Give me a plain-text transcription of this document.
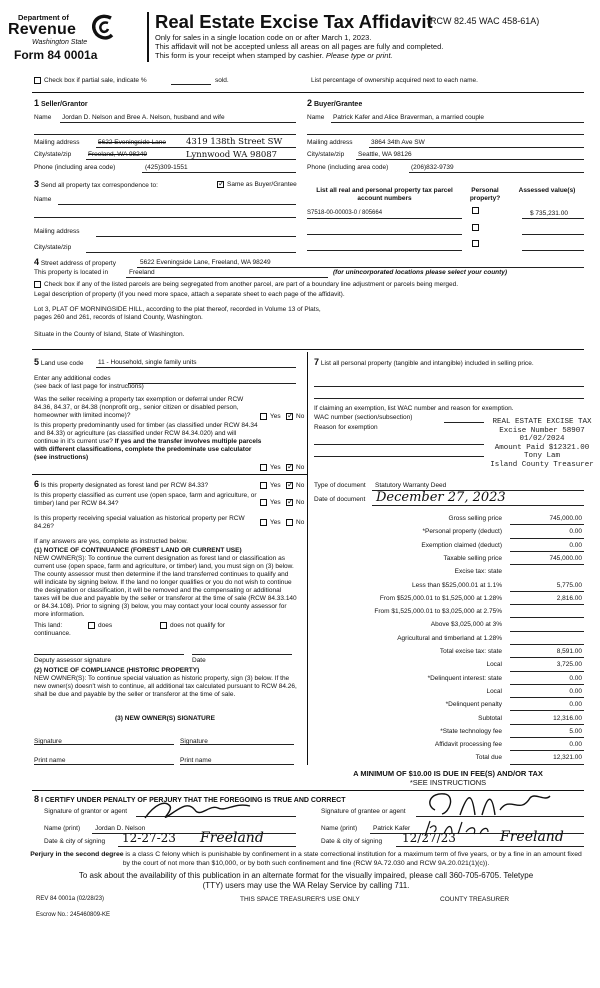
Department of
Revenue
Washington State
Form 84 0001a
Real Estate Excise Tax Affidavit
(RCW 82.45 WAC 458-61A)
Only for sales in a single location code on or after March 1, 2023.
This affidavit will not be accepted unless all areas on all pages are fully and completed.
This form is your receipt when stamped by cashier. Please type or print.
Check box if partial sale, indicate %	sold.	List percentage of ownership acquired next to each name.
1 Seller/Grantor
Name Jordan D. Nelson and Bree A. Nelson, husband and wife
Mailing address	5622 Eveningside Lane 4319 138th Street SW
City/state/zip	Freeland, WA 98249	Lynnwood WA 98087
Phone (including area code)	(425)309-1551
2 Buyer/Grantee
Name Patrick Kafer and Alice Braverman, a married couple
Mailing address	3864 34th Ave SW
City/state/zip Seattle, WA 98126
Phone (including area code)	(206)832-9739
3 Send all property tax correspondence to: ✓	Same as Buyer/Grantee
Name
Mailing address
City/state/zip
List all real and personal property tax parcel account numbers
Personal property?
Assessed value(s)
S7518-00-00003-0 / 805664	$ 735,231.00
4 Street address of property	5622 Eveningside Lane, Freeland, WA 98249
This property is located in	Freeland	(for unincorporated locations please select your county)
Check box if any of the listed parcels are being segregated from another parcel, are part of a boundary line adjustment or parcels being merged.
Legal description of property (if you need more space, attach a separate sheet to each page of the affidavit).
Lot 3, PLAT OF MORNINGSIDE HILL, according to the plat thereof, recorded in Volume 13 of Plats,
pages 260 and 261, records of Island County, Washington.
Situate in the County of Island, State of Washington.
5 Land use code 11 - Household, single family units
Enter any additional codes
(see back of last page for instructions)
Was the seller receiving a property tax exemption or deferral under RCW 84.36, 84.37, or 84.38 (nonprofit org., senior citizen or disabled person, homeowner with limited income)?	Yes ✓ No
Is this property predominantly used for timber (as classified under RCW 84.34 and 84.33) or agriculture (as classified under RCW 84.34.020) and will continue in it's current use? If yes and the transfer involves multiple parcels with different classifications, complete the predominate use calculator (see instructions)
Yes ✓ No
6 Is this property designated as forest land per RCW 84.33?	Yes ✓ No
Is this property classified as current use (open space, farm and agriculture, or timber) land per RCW 84.34?	Yes ✓ No
Is this property receiving special valuation as historical property per RCW 84.26?
Yes No
If any answers are yes, complete as instructed below.
(1) NOTICE OF CONTINUANCE (FOREST LAND OR CURRENT USE)
NEW OWNER(S): To continue the current designation as forest land or classification as current use (open space, farm and agriculture, or timber) land, you must sign on (3) below. The county assessor must then determine if the land transferred continues to qualify and will indicate by signing below. If the land no longer qualifies or you do not wish to continue the designation or classification, it will be removed and the compensating or additional taxes will be due and payable by the seller or transferor at the time of sale (RCW 84.33.140 or 84.34.108). Prior to signing (3) below, you may contact your local county assessor for more information.
This land:	does	does not qualify for
continuance.
Deputy assessor signature	Date
(2) NOTICE OF COMPLIANCE (HISTORIC PROPERTY)
NEW OWNER(S): To continue special valuation as historic property, sign (3) below. If the new owner(s) doesn't wish to continue, all additional tax calculated pursuant to RCW 84.26, shall be due and payable by the seller or transferor at the time of sale.
(3) NEW OWNER(S) SIGNATURE
Signature	Signature
Print name	Print name
7 List all personal property (tangible and intangible) included in selling price.
If claiming an exemption, list WAC number and reason for exemption.
WAC number (section/subsection)
Reason for exemption
REAL ESTATE EXCISE TAX
Excise Number 58907
01/02/2024
Amount Paid $12321.00
Tony Lam
Island County Treasurer
Type of document Statutory Warranty Deed
Date of document December 27, 2023
Gross selling price	745,000.00
*Personal property (deduct)	0.00
Exemption claimed (deduct)	0.00
Taxable selling price	745,000.00
Excise tax: state
Less than $525,000.01 at 1.1%	5,775.00
From $525,000.01 to $1,525,000 at 1.28%	2,816.00
From $1,525,000.01 to $3,025,000 at 2.75%
Above $3,025,000 at 3%
Agricultural and timberland at 1.28%
Total excise tax: state	8,591.00
Local	3,725.00
*Delinquent interest: state	0.00
Local	0.00
*Delinquent penalty	0.00
Subtotal	12,316.00
*State technology fee	5.00
Affidavit processing fee	0.00
Total due	12,321.00
A MINIMUM OF $10.00 IS DUE IN FEE(S) AND/OR TAX
*SEE INSTRUCTIONS
8 I CERTIFY UNDER PENALTY OF PERJURY THAT THE FOREGOING IS TRUE AND CORRECT
Signature of grantor or agent
Name (print) Jordan D. Nelson
Date & city of signing 12-27-23 Freeland
Signature of grantee or agent
Name (print) Patrick Kafer
Date & city of signing 12/27/23	Freeland
Perjury in the second degree is a class C felony which is punishable by confinement in a state correctional institution for a maximum term of five years, or by a fine in an amount fixed by the court of not more than $10,000, or by both such confinement and fine (RCW 9A.72.030 and RCW 9A.20.021(1)(c)).
To ask about the availability of this publication in an alternate format for the visually impaired, please call 360-705-6705. Teletype
(TTY) users may use the WA Relay Service by calling 711.
REV 84 0001a (02/28/23)	THIS SPACE TREASURER'S USE ONLY	COUNTY TREASURER
Escrow No.: 245460809-KE
